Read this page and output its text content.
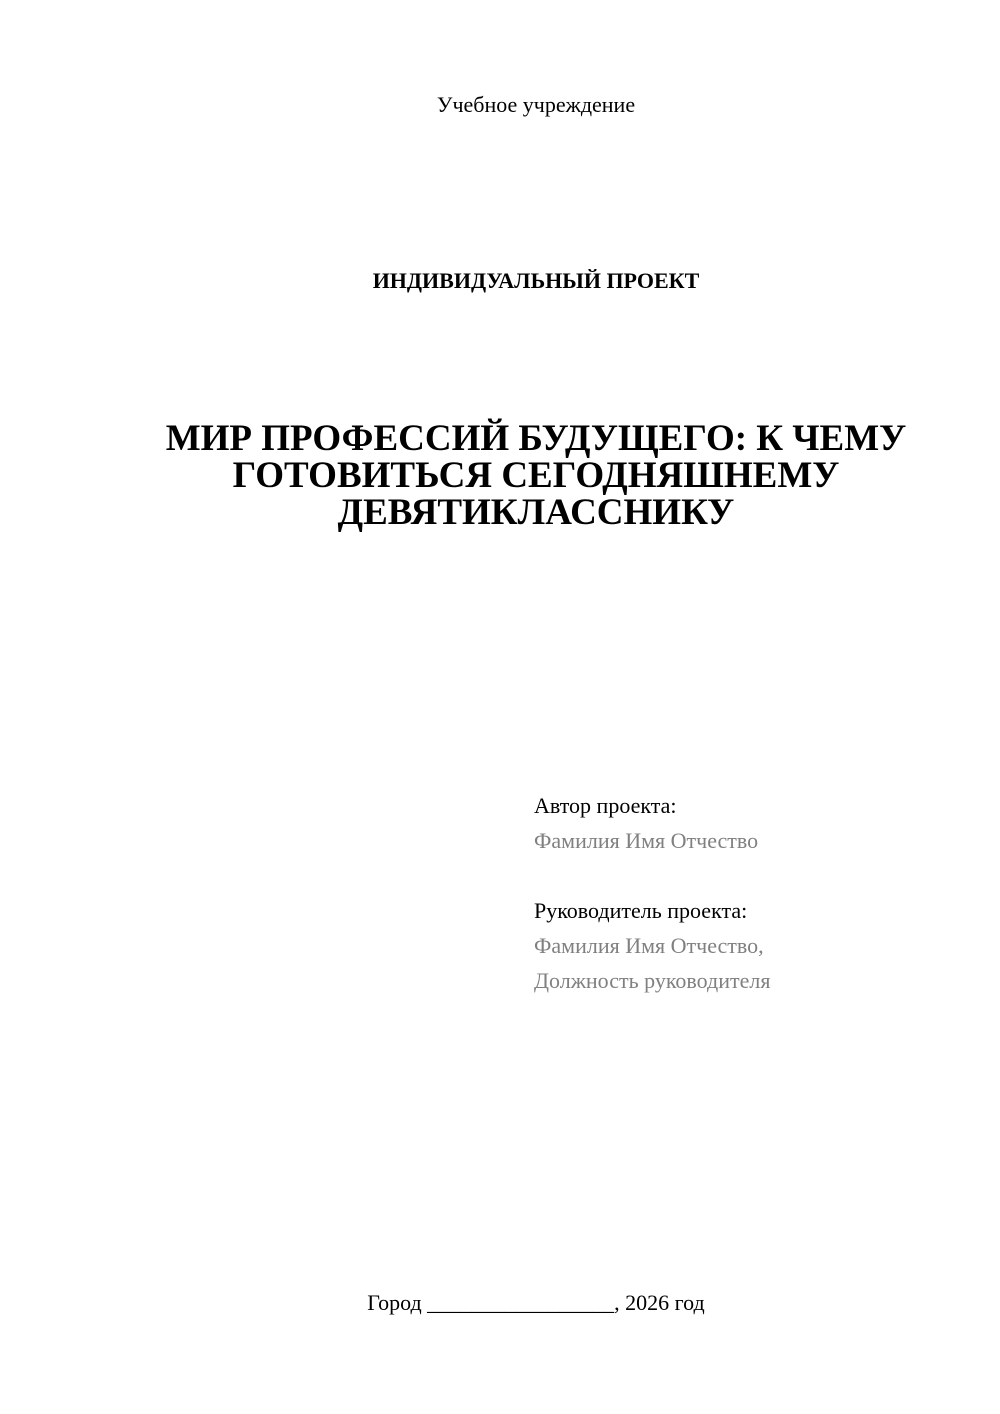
Учебное учреждение
ИНДИВИДУАЛЬНЫЙ ПРОЕКТ
МИР ПРОФЕССИЙ БУДУЩЕГО: К ЧЕМУ ГОТОВИТЬСЯ СЕГОДНЯШНЕМУ ДЕВЯТИКЛАССНИКУ
Автор проекта:
Фамилия Имя Отчество
Руководитель проекта:
Фамилия Имя Отчество,
Должность руководителя
Город _________________, 2026 год
